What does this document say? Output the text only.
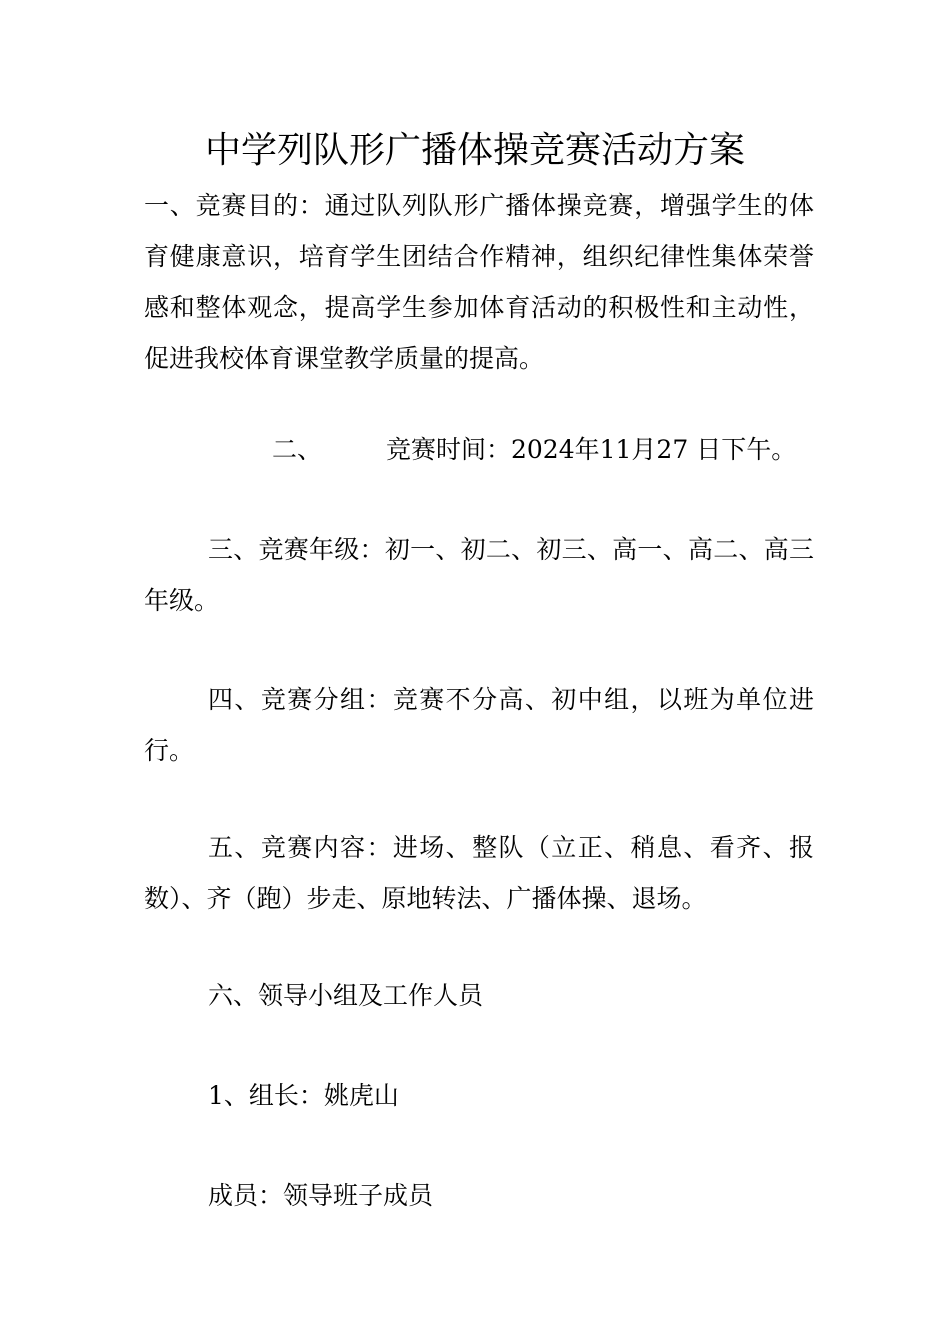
中学列队形广播体操竞赛活动方案

一、竞赛目的：通过队列队形广播体操竞赛，增强学生的体育健康意识，培育学生团结合作精神，组织纪律性集体荣誉感和整体观念，提高学生参加体育活动的积极性和主动性，促进我校体育课堂教学质量的提高。

二、	竞赛时间：2024年11月27 日下午。

三、竞赛年级：初一、初二、初三、高一、高二、高三年级。

四、竞赛分组：竞赛不分高、初中组，以班为单位进行。

五、竞赛内容：进场、整队（立正、稍息、看齐、报数）、齐（跑）步走、原地转法、广播体操、退场。

六、领导小组及工作人员

1、组长：姚虎山

成员：领导班子成员
